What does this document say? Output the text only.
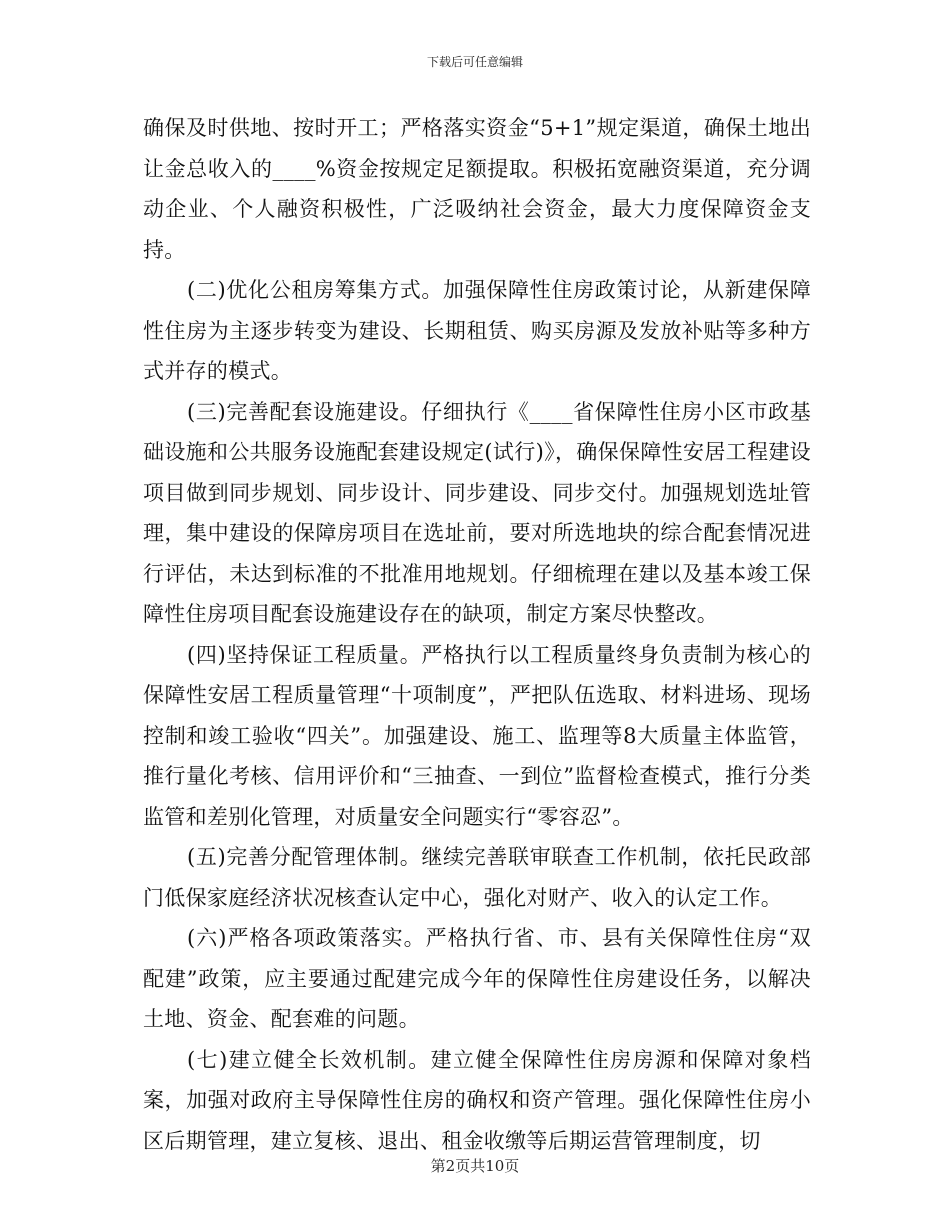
下载后可任意编辑

确保及时供地、按时开工；严格落实资金“5+1”规定渠道，确保土地出让金总收入的____%资金按规定足额提取。积极拓宽融资渠道，充分调动企业、个人融资积极性，广泛吸纳社会资金，最大力度保障资金支持。

(二)优化公租房筹集方式。加强保障性住房政策讨论，从新建保障性住房为主逐步转变为建设、长期租赁、购买房源及发放补贴等多种方式并存的模式。

(三)完善配套设施建设。仔细执行《____省保障性住房小区市政基础设施和公共服务设施配套建设规定(试行)》，确保保障性安居工程建设项目做到同步规划、同步设计、同步建设、同步交付。加强规划选址管理，集中建设的保障房项目在选址前，要对所选地块的综合配套情况进行评估，未达到标准的不批准用地规划。仔细梳理在建以及基本竣工保障性住房项目配套设施建设存在的缺项，制定方案尽快整改。

(四)坚持保证工程质量。严格执行以工程质量终身负责制为核心的保障性安居工程质量管理“十项制度”，严把队伍选取、材料进场、现场控制和竣工验收“四关”。加强建设、施工、监理等8大质量主体监管，推行量化考核、信用评价和“三抽查、一到位”监督检查模式，推行分类监管和差别化管理，对质量安全问题实行“零容忍”。

(五)完善分配管理体制。继续完善联审联查工作机制，依托民政部门低保家庭经济状况核查认定中心，强化对财产、收入的认定工作。

(六)严格各项政策落实。严格执行省、市、县有关保障性住房“双配建”政策，应主要通过配建完成今年的保障性住房建设任务，以解决土地、资金、配套难的问题。

(七)建立健全长效机制。建立健全保障性住房房源和保障对象档案，加强对政府主导保障性住房的确权和资产管理。强化保障性住房小区后期管理，建立复核、退出、租金收缴等后期运营管理制度，切

第2页共10页
